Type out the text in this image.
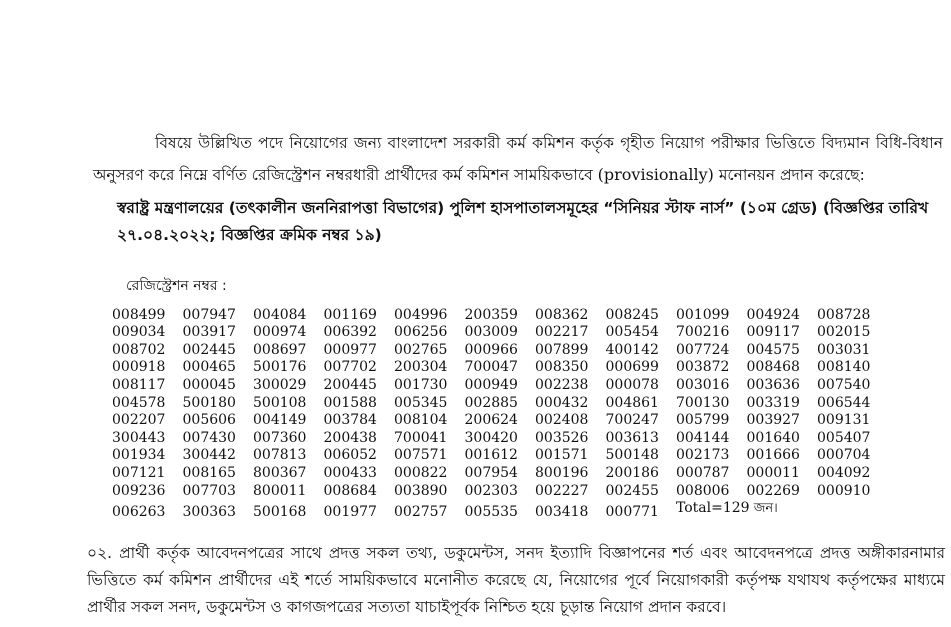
বিষয়ে উল্লিখিত পদে নিয়োগের জন্য বাংলাদেশ সরকারী কর্ম কমিশন কর্তৃক গৃহীত নিয়োগ পরীক্ষার ভিত্তিতে বিদ্যমান বিধি-বিধান অনুসরণ করে নিম্নে বর্ণিত রেজিস্ট্রেশন নম্বরধারী প্রার্থীদের কর্ম কমিশন সাময়িকভাবে (provisionally) মনোনয়ন প্রদান করেছে:

স্বরাষ্ট্র মন্ত্রণালয়ের (তৎকালীন জননিরাপত্তা বিভাগের) পুলিশ হাসপাতালসমূহের “সিনিয়র স্টাফ নার্স” (১০ম গ্রেড) (বিজ্ঞপ্তির তারিখ ২৭.০৪.২০২২; বিজ্ঞপ্তির ক্রমিক নম্বর ১৯)

রেজিস্ট্রেশন নম্বর :

008499	007947	004084	001169	004996	200359	008362	008245	001099	004924	008728
009034	003917	000974	006392	006256	003009	002217	005454	700216	009117	002015
008702	002445	008697	000977	002765	000966	007899	400142	007724	004575	003031
000918	000465	500176	007702	200304	700047	008350	000699	003872	008468	008140
008117	000045	300029	200445	001730	000949	002238	000078	003016	003636	007540
004578	500180	500108	001588	005345	002885	000432	004861	700130	003319	006544
002207	005606	004149	003784	008104	200624	002408	700247	005799	003927	009131
300443	007430	007360	200438	700041	300420	003526	003613	004144	001640	005407
001934	300442	007813	006052	007571	001612	001571	500148	002173	001666	000704
007121	008165	800367	000433	000822	007954	800196	200186	000787	000011	004092
009236	007703	800011	008684	003890	002303	002227	002455	008006	002269	000910
006263	300363	500168	001977	002757	005535	003418	000771	Total=129 জন।		

০২. প্রার্থী কর্তৃক আবেদনপত্রের সাথে প্রদত্ত সকল তথ্য, ডকুমেন্টস, সনদ ইত্যাদি বিজ্ঞাপনের শর্ত এবং আবেদনপত্রে প্রদত্ত অঙ্গীকারনামার ভিত্তিতে কর্ম কমিশন প্রার্থীদের এই শর্তে সাময়িকভাবে মনোনীত করেছে যে, নিয়োগের পূর্বে নিয়োগকারী কর্তৃপক্ষ যথাযথ কর্তৃপক্ষের মাধ্যমে প্রার্থীর সকল সনদ, ডকুমেন্টস ও কাগজপত্রের সত্যতা যাচাইপূর্বক নিশ্চিত হয়ে চূড়ান্ত নিয়োগ প্রদান করবে।
